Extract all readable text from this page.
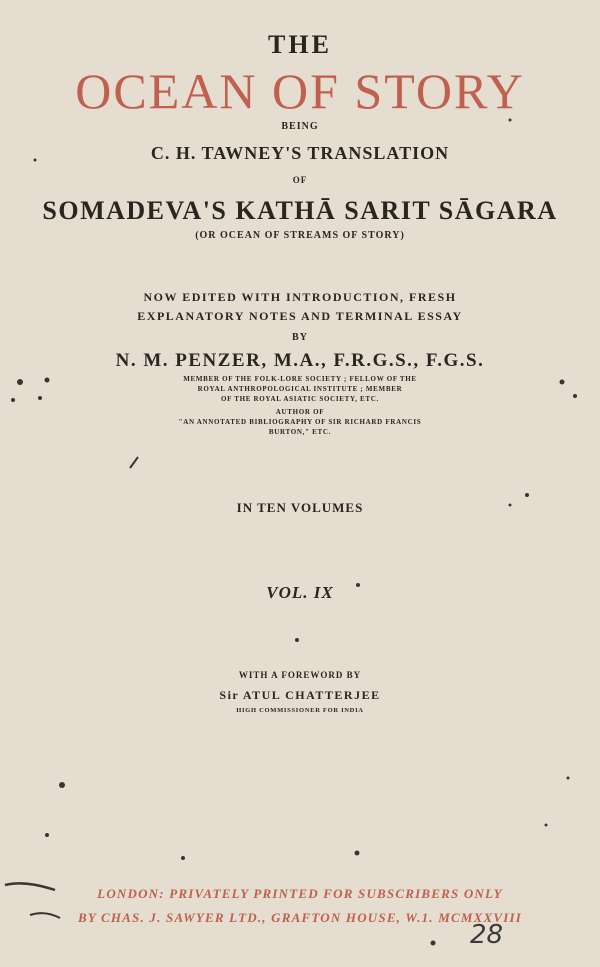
THE
OCEAN OF STORY
BEING
C. H. TAWNEY'S TRANSLATION
OF
SOMADEVA'S KATHĀ SARIT SĀGARA
(OR OCEAN OF STREAMS OF STORY)
NOW EDITED WITH INTRODUCTION, FRESH
EXPLANATORY NOTES AND TERMINAL ESSAY
BY
N. M. PENZER, M.A., F.R.G.S., F.G.S.
MEMBER OF THE FOLK-LORE SOCIETY ; FELLOW OF THE
ROYAL ANTHROPOLOGICAL INSTITUTE ; MEMBER
OF THE ROYAL ASIATIC SOCIETY, ETC.
AUTHOR OF
"AN ANNOTATED BIBLIOGRAPHY OF SIR RICHARD FRANCIS
BURTON," ETC.
IN TEN VOLUMES
VOL. IX
WITH A FOREWORD BY
Sir ATUL CHATTERJEE
HIGH COMMISSIONER FOR INDIA
LONDON: PRIVATELY PRINTED FOR SUBSCRIBERS ONLY
BY CHAS. J. SAWYER LTD., GRAFTON HOUSE, W.1. MCMXXVIII
28
